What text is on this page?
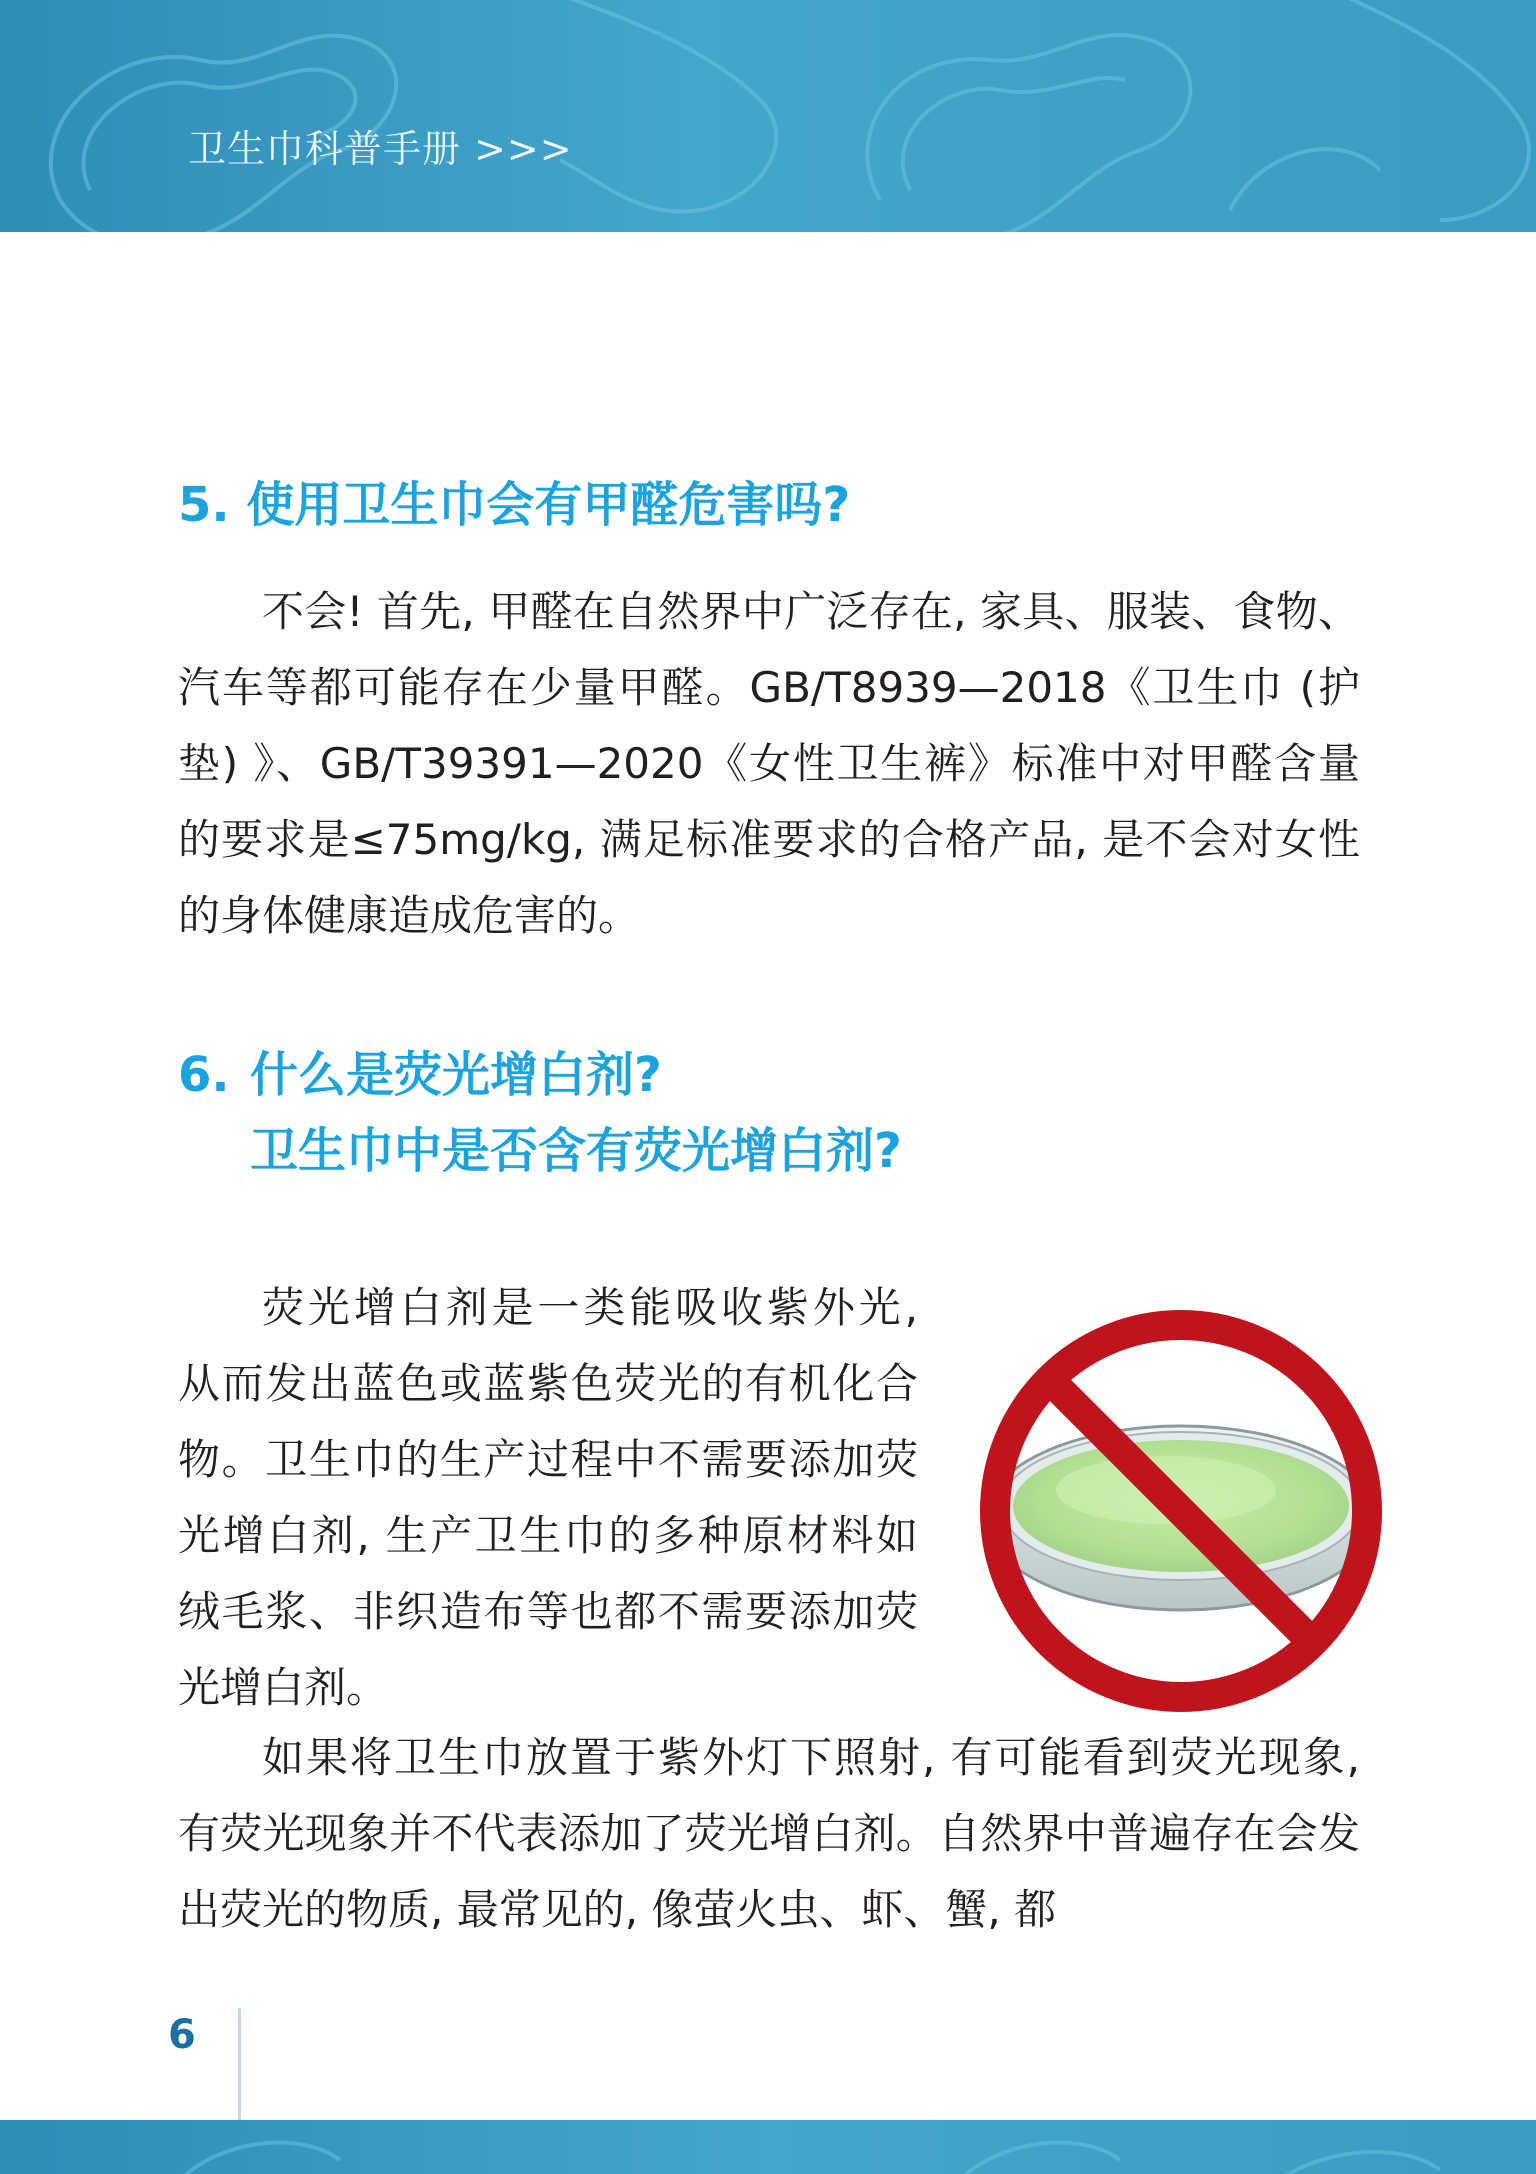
卫生巾科普手册 >>>
5. 使用卫生巾会有甲醛危害吗?

不会! 首先, 甲醛在自然界中广泛存在, 家具、服装、食物、汽车等都可能存在少量甲醛。GB/T8939—2018《卫生巾 (护垫) 》、GB/T39391—2020《女性卫生裤》标准中对甲醛含量的要求是≤75mg/kg, 满足标准要求的合格产品, 是不会对女性的身体健康造成危害的。

6. 什么是荧光增白剂?
卫生巾中是否含有荧光增白剂?

荧光增白剂是一类能吸收紫外光, 从而发出蓝色或蓝紫色荧光的有机化合物。卫生巾的生产过程中不需要添加荧光增白剂, 生产卫生巾的多种原材料如绒毛浆、非织造布等也都不需要添加荧光增白剂。

如果将卫生巾放置于紫外灯下照射, 有可能看到荧光现象, 有荧光现象并不代表添加了荧光增白剂。自然界中普遍存在会发出荧光的物质, 最常见的, 像萤火虫、虾、蟹, 都

6
